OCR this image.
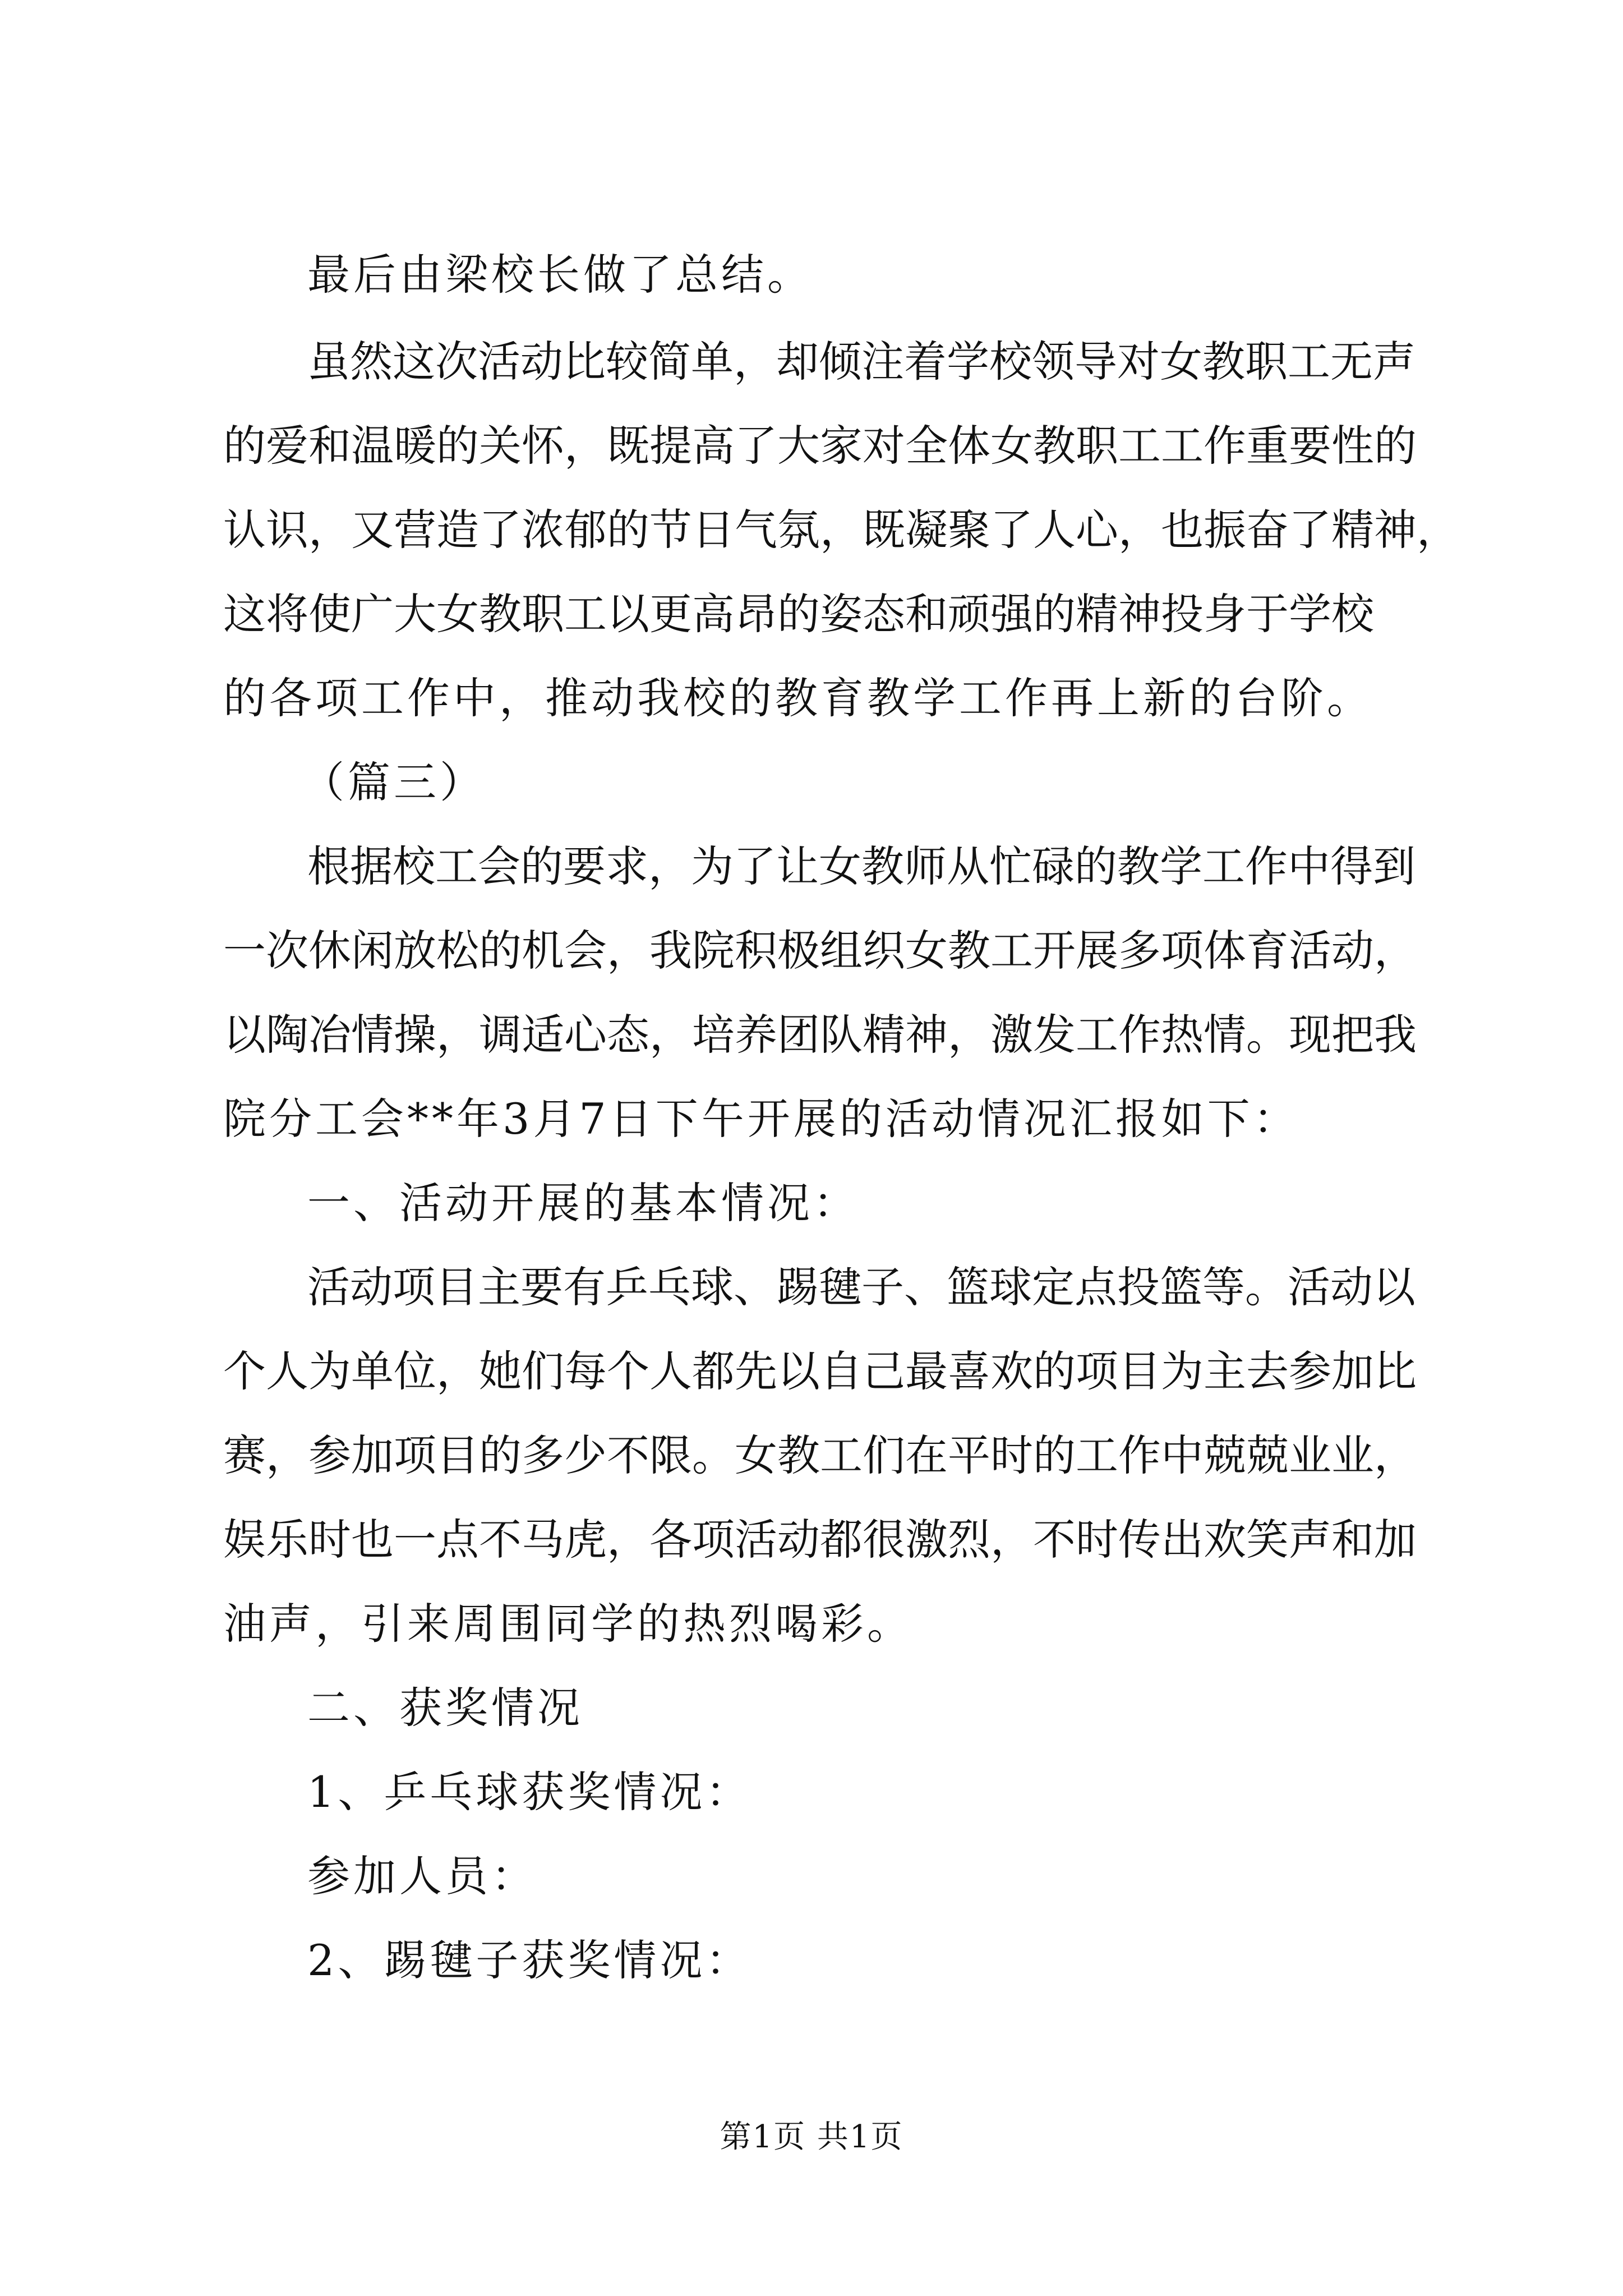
最后由梁校长做了总结。
虽然这次活动比较简单，却倾注着学校领导对女教职工无声
的爱和温暖的关怀，既提高了大家对全体女教职工工作重要性的
认识，又营造了浓郁的节日气氛，既凝聚了人心，也振奋了精神，
这将使广大女教职工以更高昂的姿态和顽强的精神投身于学校
的各项工作中，推动我校的教育教学工作再上新的台阶。
（篇三）
根据校工会的要求，为了让女教师从忙碌的教学工作中得到
一次休闲放松的机会，我院积极组织女教工开展多项体育活动，
以陶冶情操，调适心态，培养团队精神，激发工作热情。现把我
院分工会**年3月7日下午开展的活动情况汇报如下：
一、活动开展的基本情况：
活动项目主要有乒乓球、踢毽子、篮球定点投篮等。活动以
个人为单位，她们每个人都先以自己最喜欢的项目为主去参加比
赛，参加项目的多少不限。女教工们在平时的工作中兢兢业业，
娱乐时也一点不马虎，各项活动都很激烈，不时传出欢笑声和加
油声，引来周围同学的热烈喝彩。
二、获奖情况
1、乒乓球获奖情况：
参加人员：
2、踢毽子获奖情况：
第1页 共1页
